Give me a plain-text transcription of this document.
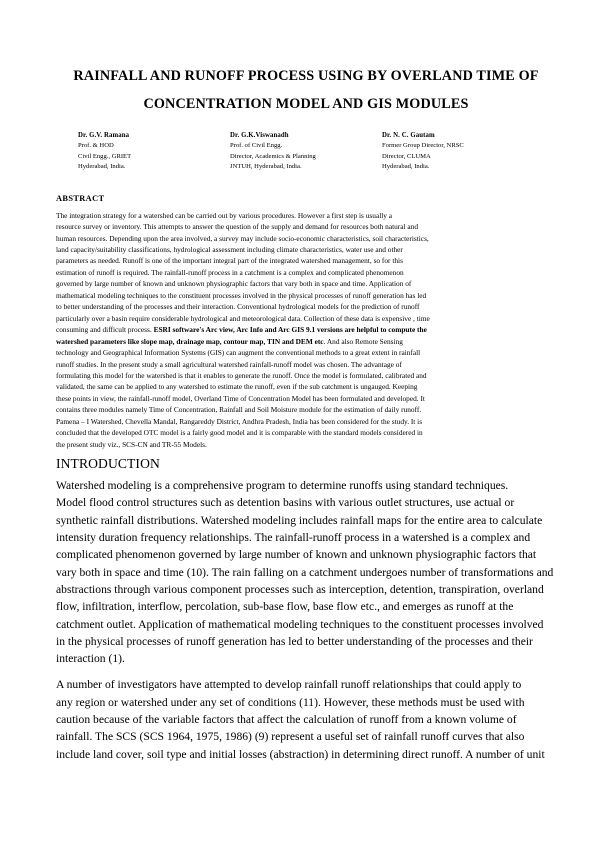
RAINFALL AND RUNOFF PROCESS USING BY OVERLAND TIME OF
CONCENTRATION MODEL AND GIS MODULES
Dr. G.V. Ramana
Prof. & HOD
Civil Engg., GRIET
Hyderabad, India.
Dr. G.K.Viswanadh
Prof. of Civil Engg.
Director, Academics & Planning
JNTUH, Hyderabad, India.
Dr. N. C. Gautam
Former Group Director, NRSC
Director, CLUMA
Hyderabad, India.
ABSTRACT
The integration strategy for a watershed can be carried out by various procedures. However a first step is usually a
resource survey or inventory. This attempts to answer the question of the supply and demand for resources both natural and
human resources. Depending upon the area involved, a survey may include socio-economic characteristics, soil characteristics,
land capacity/suitability classifications, hydrological assessment including climate characteristics, water use and other
parameters as needed. Runoff is one of the important integral part of the integrated watershed management, so for this
estimation of runoff is required. The rainfall-runoff process in a catchment is a complex and complicated phenomenon
governed by large number of known and unknown physiographic factors that vary both in space and time. Application of
mathematical modeling techniques to the constituent processes involved in the physical processes of runoff generation has led
to better understanding of the processes and their interaction. Conventional hydrological models for the prediction of runoff
particularly over a basin require considerable hydrological and meteorological data. Collection of these data is expensive , time
consuming and difficult process. ESRI software's Arc view, Arc Info and Arc GIS 9.1 versions are helpful to compute the
watershed parameters like slope map, drainage map, contour map, TIN and DEM etc. And also Remote Sensing
technology and Geographical Information Systems (GIS) can augment the conventional methods to a great extent in rainfall
runoff studies. In the present study a small agricultural watershed rainfall-runoff model was chosen. The advantage of
formulating this model for the watershed is that it enables to generate the runoff. Once the model is formulated, calibrated and
validated, the same can be applied to any watershed to estimate the runoff, even if the sub catchment is ungauged. Keeping
these points in view, the rainfall-runoff model, Overland Time of Concentration Model has been formulated and developed. It
contains three modules namely Time of Concentration, Rainfall and Soil Moisture module for the estimation of daily runoff.
Pamena – I Watershed, Chevella Mandal, Rangareddy District, Andhra Pradesh, India has been considered for the study. It is
concluded that the developed OTC model is a fairly good model and it is comparable with the standard models considered in
the present study viz., SCS-CN and TR-55 Models.
INTRODUCTION

Watershed modeling is a comprehensive program to determine runoffs using standard techniques.
Model flood control structures such as detention basins with various outlet structures, use actual or
synthetic rainfall distributions. Watershed modeling includes rainfall maps for the entire area to calculate
intensity duration frequency relationships. The rainfall-runoff process in a watershed is a complex and
complicated phenomenon governed by large number of known and unknown physiographic factors that
vary both in space and time (10). The rain falling on a catchment undergoes number of transformations and
abstractions through various component processes such as interception, detention, transpiration, overland
flow, infiltration, interflow, percolation, sub-base flow, base flow etc., and emerges as runoff at the
catchment outlet. Application of mathematical modeling techniques to the constituent processes involved
in the physical processes of runoff generation has led to better understanding of the processes and their
interaction (1).

A number of investigators have attempted to develop rainfall runoff relationships that could apply to
any region or watershed under any set of conditions (11). However, these methods must be used with
caution because of the variable factors that affect the calculation of runoff from a known volume of
rainfall. The SCS (SCS 1964, 1975, 1986) (9) represent a useful set of rainfall runoff curves that also
include land cover, soil type and initial losses (abstraction) in determining direct runoff. A number of unit
